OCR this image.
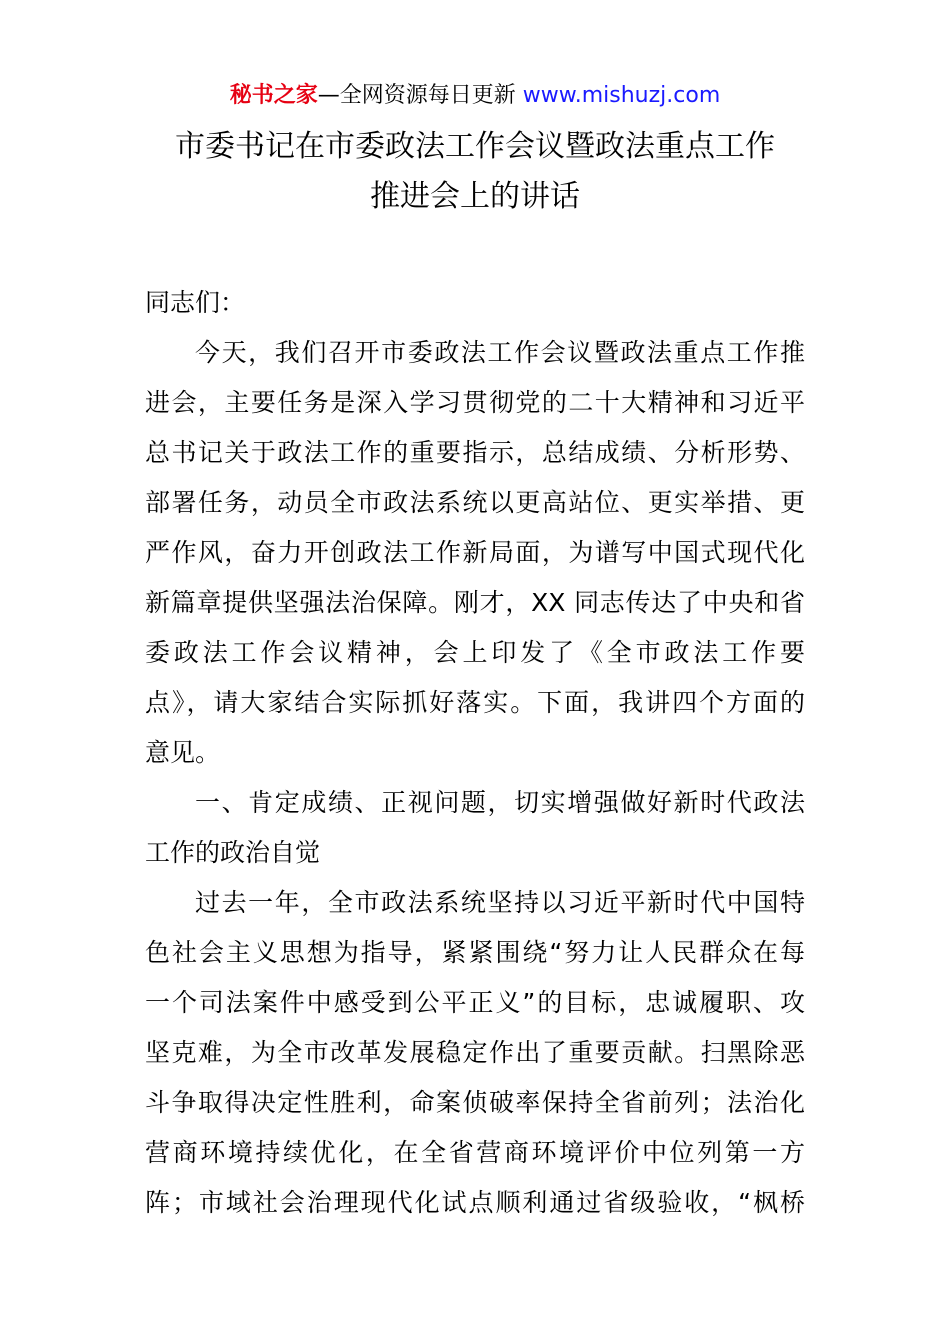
秘书之家—全网资源每日更新 www.mishuzj.com
市委书记在市委政法工作会议暨政法重点工作
推进会上的讲话
同志们：
今天，我们召开市委政法工作会议暨政法重点工作推
进会，主要任务是深入学习贯彻党的二十大精神和习近平
总书记关于政法工作的重要指示，总结成绩、分析形势、
部署任务，动员全市政法系统以更高站位、更实举措、更
严作风，奋力开创政法工作新局面，为谱写中国式现代化
新篇章提供坚强法治保障。刚才，XX 同志传达了中央和省
委政法工作会议精神，会上印发了《全市政法工作要
点》，请大家结合实际抓好落实。下面，我讲四个方面的
意见。
一、肯定成绩、正视问题，切实增强做好新时代政法
工作的政治自觉
过去一年，全市政法系统坚持以习近平新时代中国特
色社会主义思想为指导，紧紧围绕“努力让人民群众在每
一个司法案件中感受到公平正义”的目标，忠诚履职、攻
坚克难，为全市改革发展稳定作出了重要贡献。扫黑除恶
斗争取得决定性胜利，命案侦破率保持全省前列；法治化
营商环境持续优化，在全省营商环境评价中位列第一方
阵；市域社会治理现代化试点顺利通过省级验收，“枫桥
